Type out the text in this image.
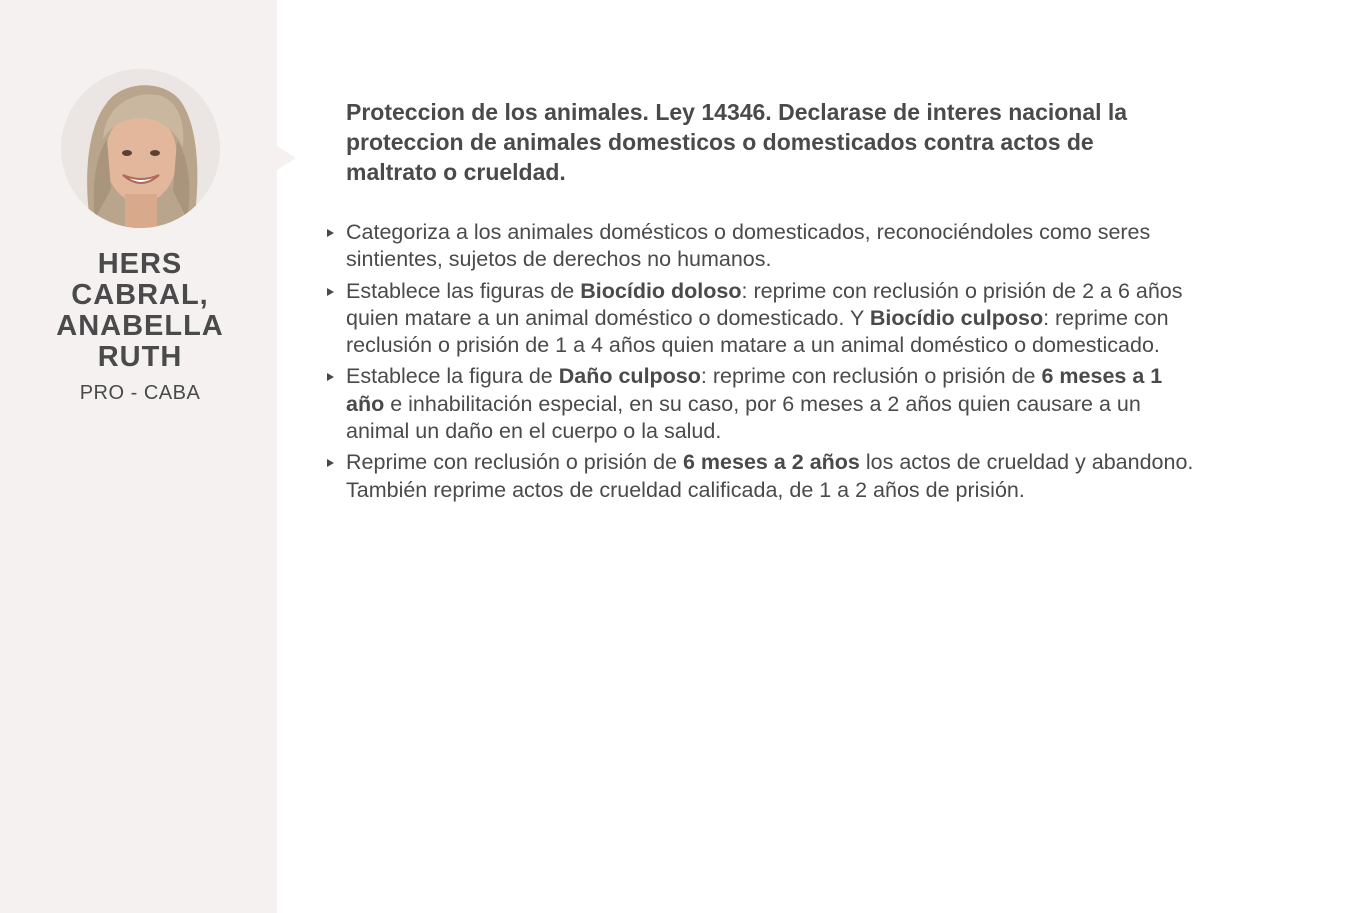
HERS
CABRAL,
ANABELLA
RUTH
PRO - CABA
Proteccion de los animales. Ley 14346. Declarase de interes nacional la proteccion de animales domesticos o domesticados contra actos de maltrato o crueldad.
Categoriza a los animales domésticos o domesticados, reconociéndoles como seres sintientes, sujetos de derechos no humanos.
Establece las figuras de Biocídio doloso: reprime con reclusión o prisión de 2 a 6 años quien matare a un animal doméstico o domesticado. Y Biocídio culposo: reprime con reclusión o prisión de 1 a 4 años quien matare a un animal doméstico o domesticado.
Establece la figura de Daño culposo: reprime con reclusión o prisión de 6 meses a 1 año e inhabilitación especial, en su caso, por 6 meses a 2 años quien causare a un animal un daño en el cuerpo o la salud.
Reprime con reclusión o prisión de 6 meses a 2 años los actos de crueldad y abandono. También reprime actos de crueldad calificada, de 1 a 2 años de prisión.
